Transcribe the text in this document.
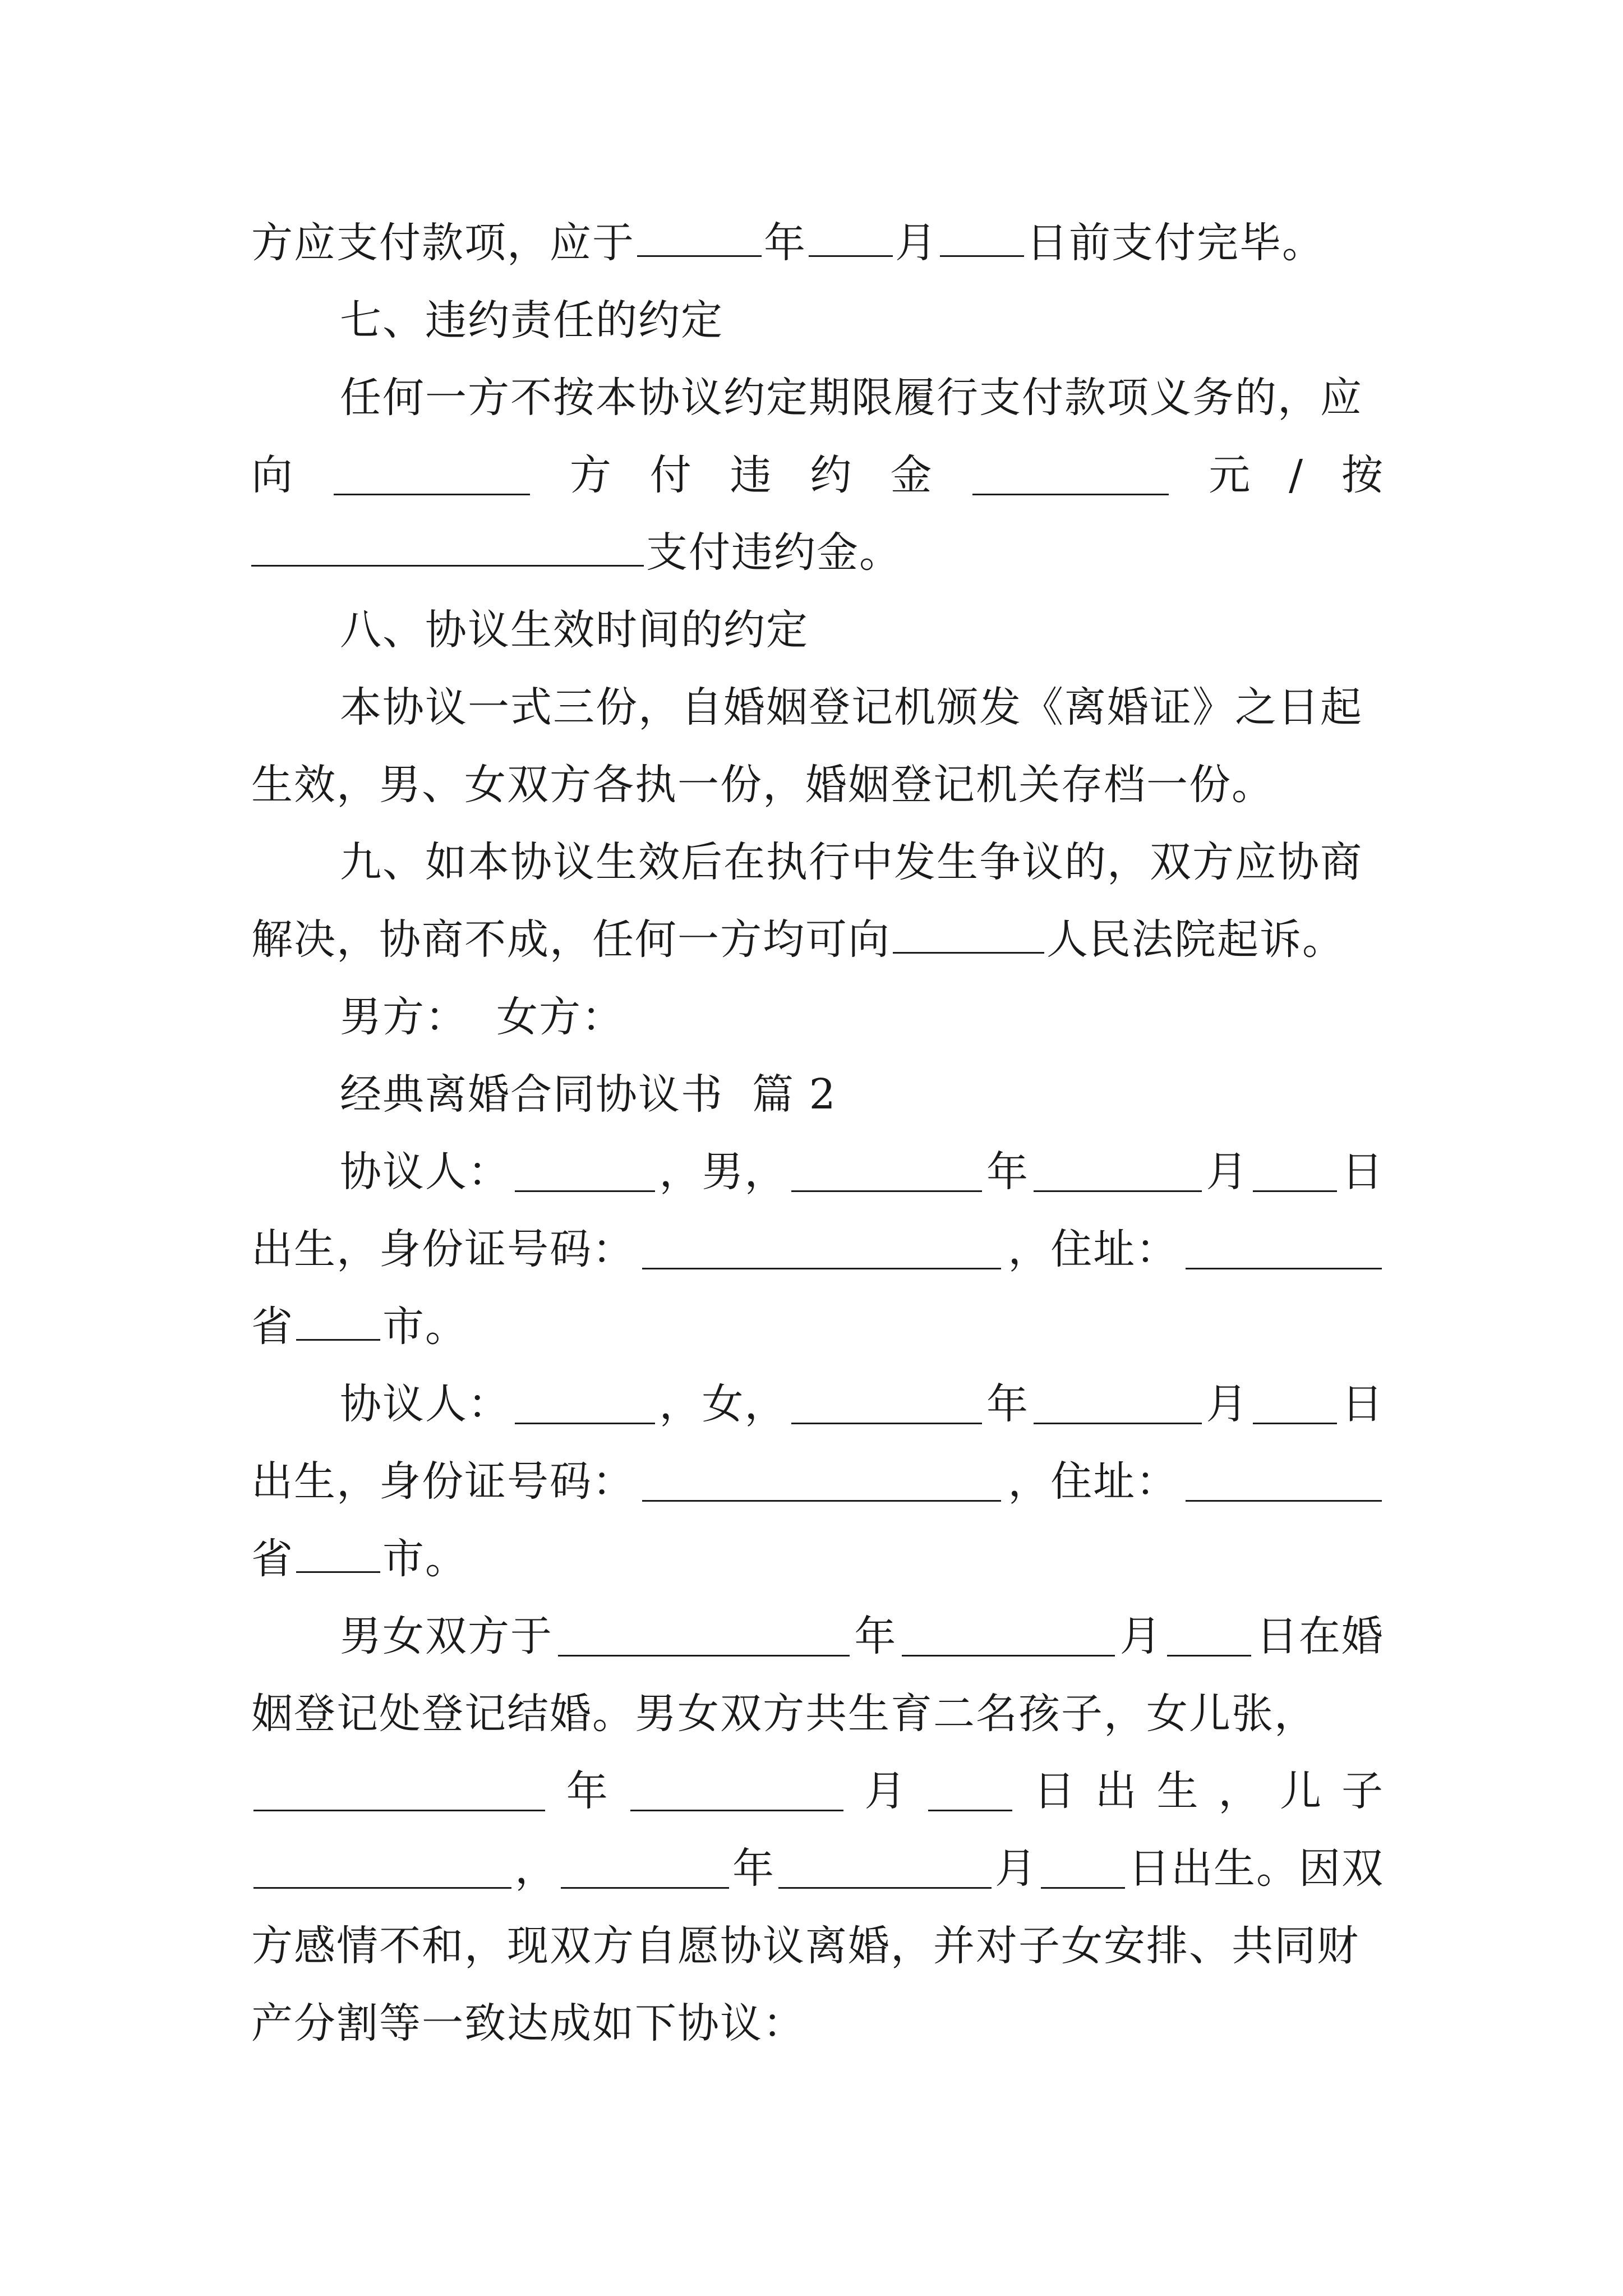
方应支付款项，应于	年 月 日前支付完毕。
七、违约责任的约定
任何一方不按本协议约定期限履行支付款项义务的，应
向	方 付 违 约 金	元 / 按
支付违约金。
八、协议生效时间的约定
本协议一式三份，自婚姻登记机颁发《离婚证》之日起
生效，男、女双方各执一份，婚姻登记机关存档一份。
九、如本协议生效后在执行中发生争议的，双方应协商
解决，协商不成，任何一方均可向	人民法院起诉。
男方：  女方：
经典离婚合同协议书  篇 2
协议人：	，男，	年	月 日
出生，身份证号码：	，住址：
省 市。
协议人：	，女，	年	月 日
出生，身份证号码：	，住址：
省 市。
男女双方于	年	月 日在婚
姻登记处登记结婚。男女双方共生育二名孩子，女儿张，
年	月	日 出 生 ， 儿 子
，	年	月 日出生。因双
方感情不和，现双方自愿协议离婚，并对子女安排、共同财
产分割等一致达成如下协议：
